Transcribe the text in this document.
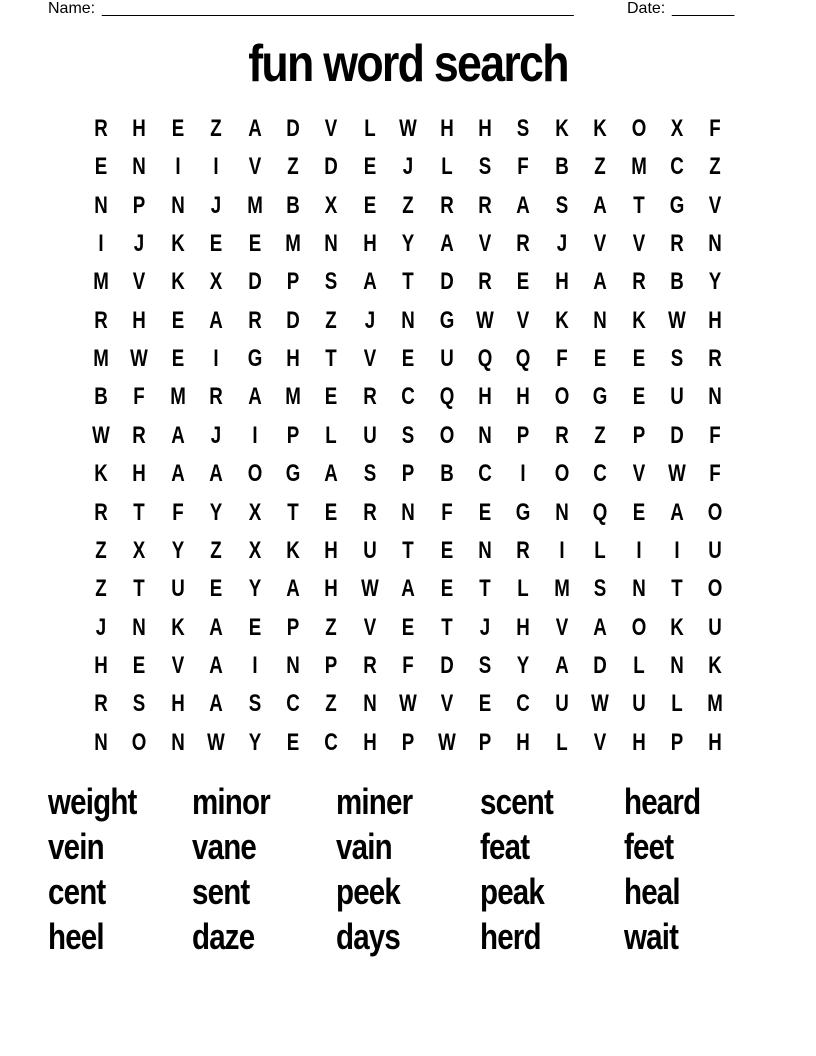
Name: _____________________________________________________	Date: _______
fun word search
R	H	E	Z	A	D	V	L W H	H	S	K	K	O	X	F
E	N	I	I	V	Z	D	E	J	L	S	F	B	Z	M C	Z
N	P	N	J	M B	X	E	Z	R	R	A	S	A	T	G	V
I	J	K	E	E	M N	H	Y	A	V	R	J	V	V	R	N
M	V	K	X	D	P	S	A	T	D	R	E	H	A	R	B	Y
R	H	E	A	R	D	Z	J	N	G W V	K	N	K W H
M W E	I	G	H	T	V	E	U	Q Q	F	E	E	S	R
B	F	M R	A M	E	R	C	Q	H	H	O G	E	U	N
W R	A	J	I	P	L	U	S	O	N	P	R	Z	P	D	F
K	H	A	A	O G	A	S	P	B	C	I	O	C	V W F
R	T	F	Y	X	T	E	R	N	F	E	G	N	Q	E	A	O
Z	X	Y	Z	X	K	H	U	T	E	N	R	I	L	I	I	U
Z	T	U	E	Y	A	H W A	E	T	L	M	S	N	T	O
J	N	K	A	E	P	Z	V	E	T	J	H	V	A	O	K	U
H	E	V	A	I	N	P	R	F	D	S	Y	A	D	L	N	K
R	S	H	A	S	C	Z	N W V	E	C	U W U	L	M
N	O	N W Y	E	C	H	P W P	H	L	V	H	P	H
weight minor miner scent heard
vein vane vain feat	feet
cent sent peek peak heal
heel daze days herd wait
